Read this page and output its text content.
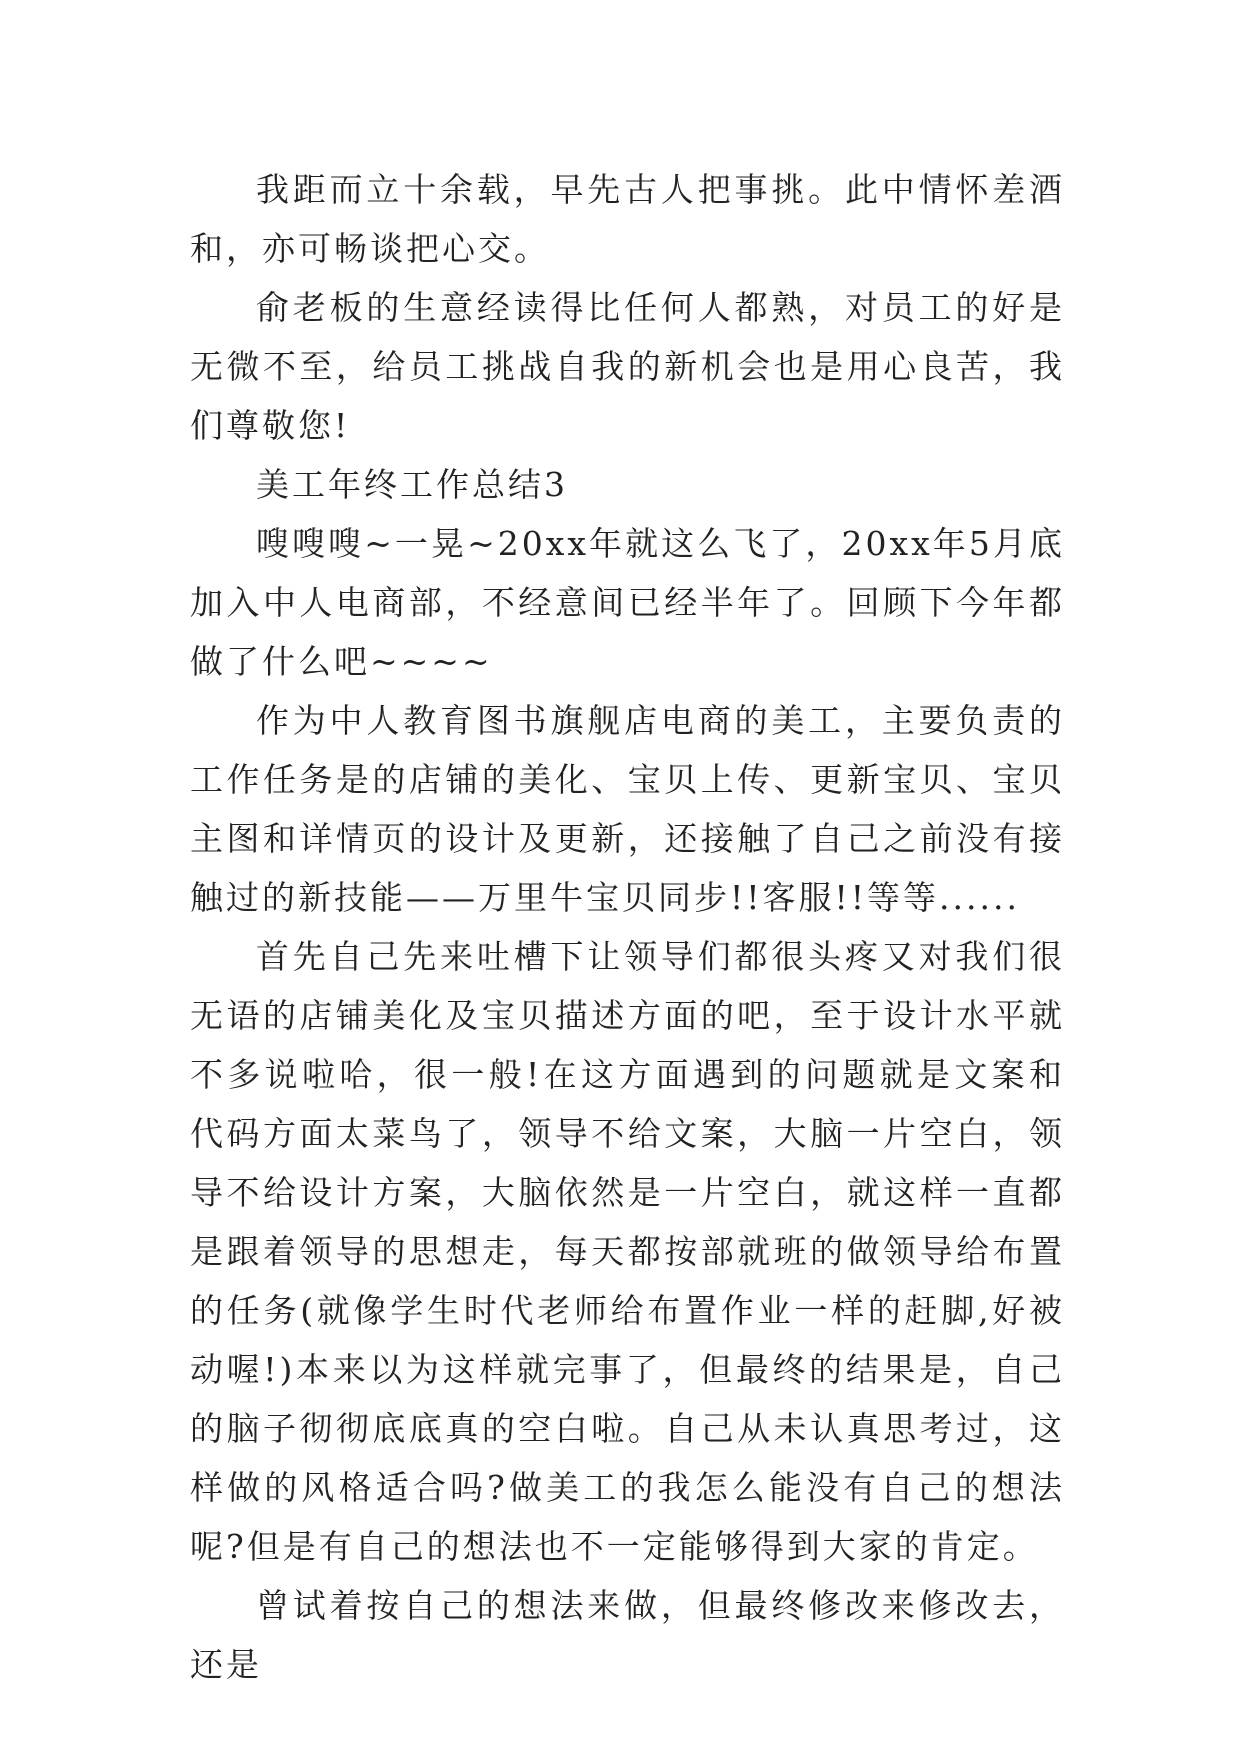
我距而立十余载，早先古人把事挑。此中情怀差酒和，亦可畅谈把心交。

俞老板的生意经读得比任何人都熟，对员工的好是无微不至，给员工挑战自我的新机会也是用心良苦，我们尊敬您!

美工年终工作总结3

嗖嗖嗖~一晃~20xx年就这么飞了，20xx年5月底加入中人电商部，不经意间已经半年了。回顾下今年都做了什么吧~~~~

作为中人教育图书旗舰店电商的美工，主要负责的工作任务是的店铺的美化、宝贝上传、更新宝贝、宝贝主图和详情页的设计及更新，还接触了自己之前没有接触过的新技能——万里牛宝贝同步!!客服!!等等......

首先自己先来吐槽下让领导们都很头疼又对我们很无语的店铺美化及宝贝描述方面的吧，至于设计水平就不多说啦哈，很一般!在这方面遇到的问题就是文案和代码方面太菜鸟了，领导不给文案，大脑一片空白，领导不给设计方案，大脑依然是一片空白，就这样一直都是跟着领导的思想走，每天都按部就班的做领导给布置的任务(就像学生时代老师给布置作业一样的赶脚,好被动喔!)本来以为这样就完事了，但最终的结果是，自己的脑子彻彻底底真的空白啦。自己从未认真思考过，这样做的风格适合吗?做美工的我怎么能没有自己的想法呢?但是有自己的想法也不一定能够得到大家的肯定。

曾试着按自己的想法来做，但最终修改来修改去，还是
